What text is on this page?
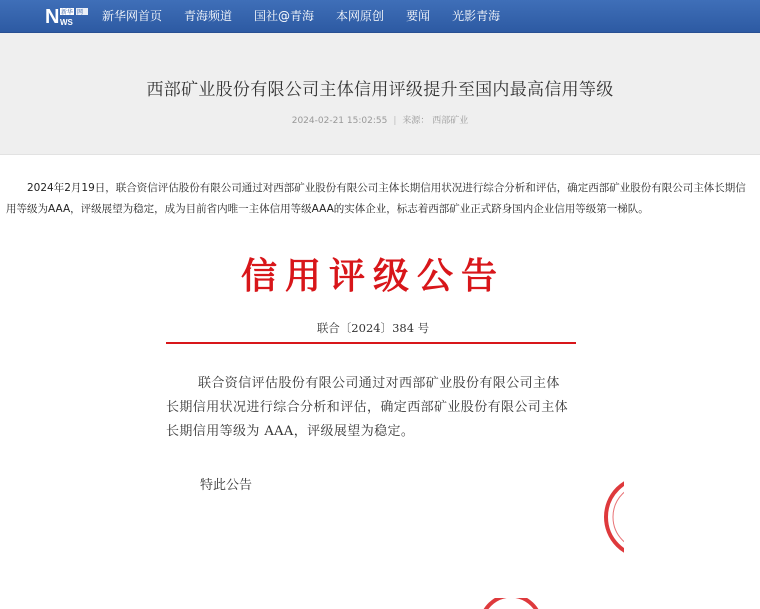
N 新华
WS
网 新华网首页 青海频道 国社@青海 本网原创 要闻 光影青海
西部矿业股份有限公司主体信用评级提升至国内最高信用等级
2024-02-21 15:02:55 | 来源： 西部矿业

2024年2月19日，联合资信评估股份有限公司通过对西部矿业股份有限公司主体长期信用状况进行综合分析和评估，确定西部矿业股份有限公司主体长期信用等级为AAA，评级展望为稳定，成为目前省内唯一主体信用等级AAA的实体企业，标志着西部矿业正式跻身国内企业信用等级第一梯队。

信用评级公告
联合〔2024〕384 号
联合资信评估股份有限公司通过对西部矿业股份有限公司主体长期信用状况进行综合分析和评估，确定西部矿业股份有限公司主体长期信用等级为 AAA，评级展望为稳定。
特此公告
